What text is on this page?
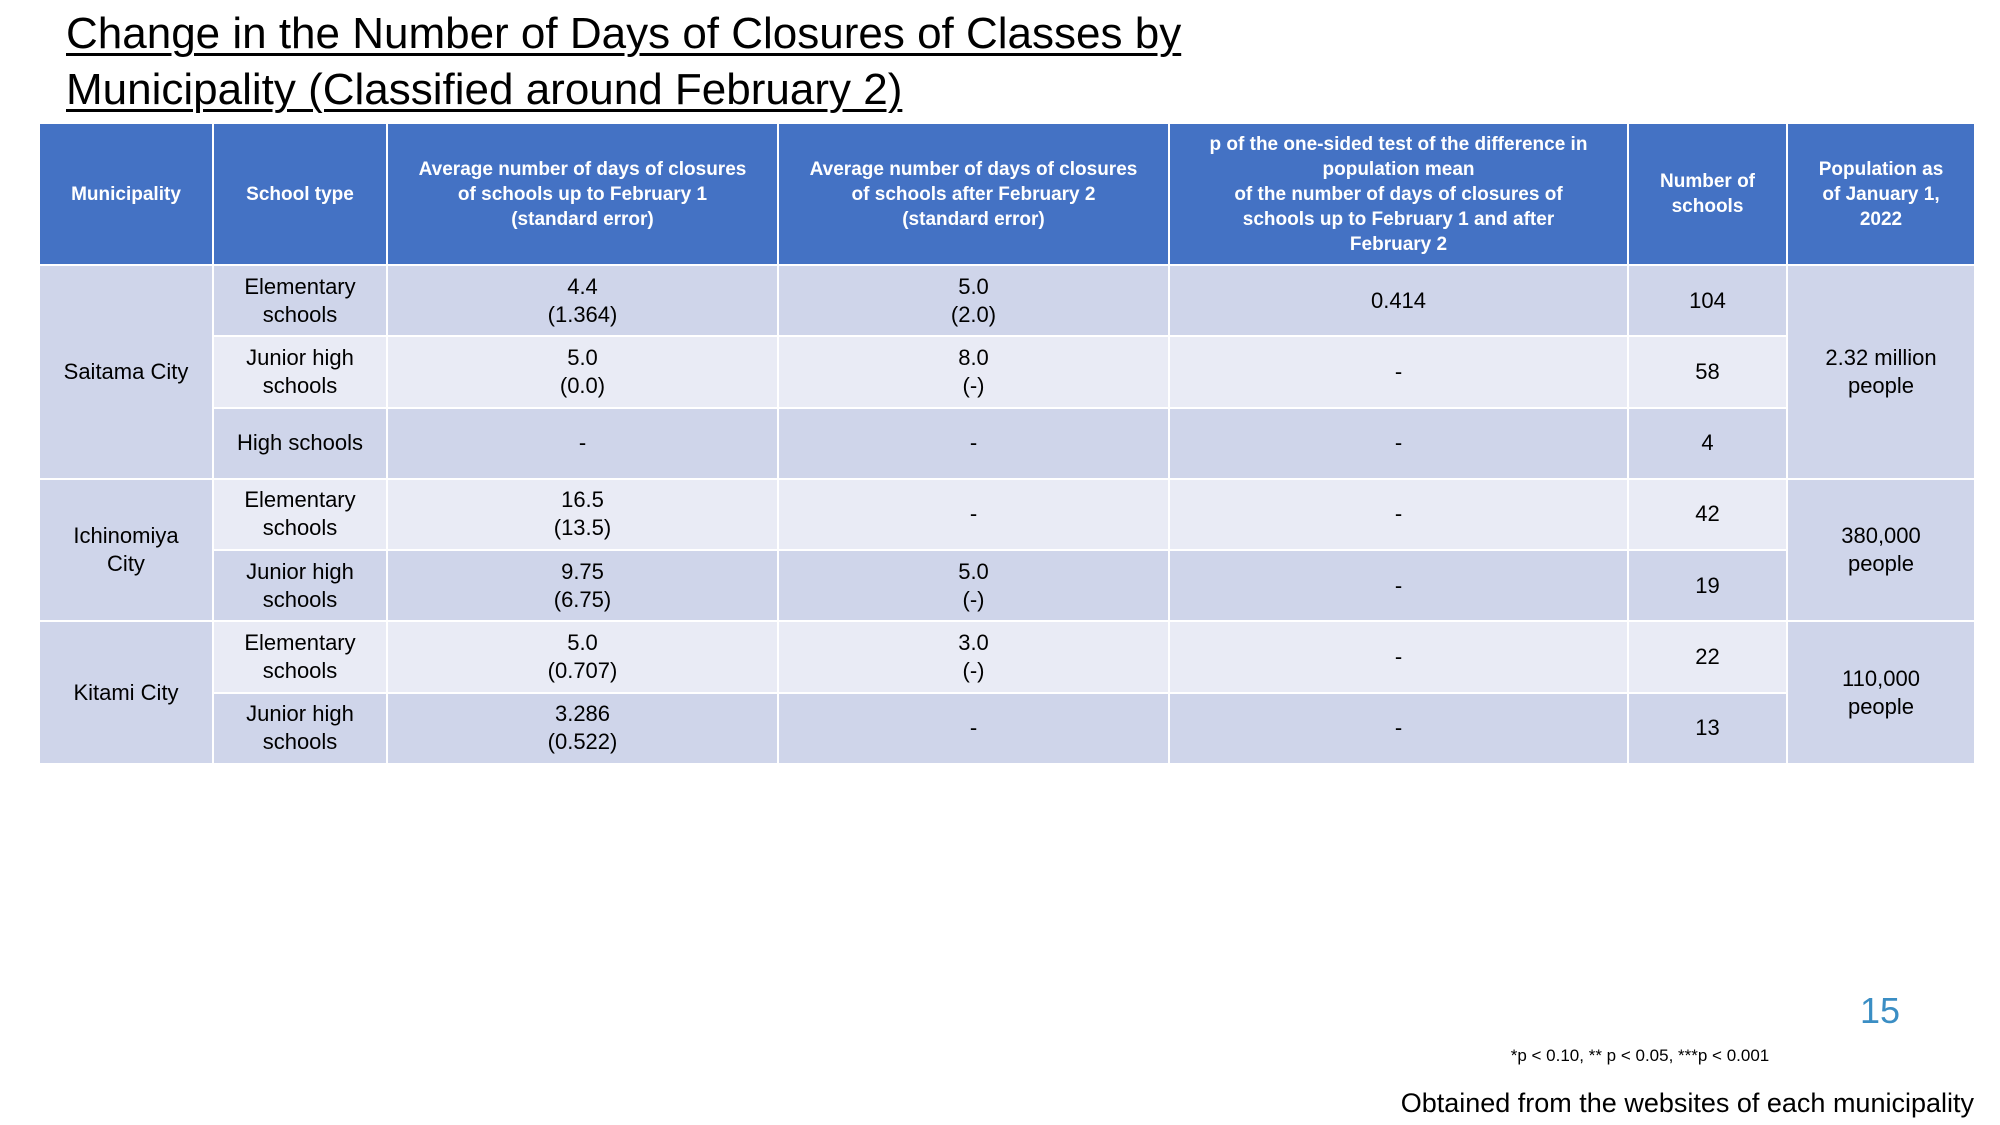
Change in the Number of Days of Closures of Classes by
Municipality (Classified around February 2)
Municipality	School type	Average number of days of closures
of schools up to February 1
(standard error)	Average number of days of closures
of schools after February 2
(standard error)	p of the one-sided test of the difference in
population mean
of the number of days of closures of
schools up to February 1 and after
February 2	Number of
schools	Population as
of January 1,
2022

Saitama City	Elementary
schools	4.4
(1.364)	5.0
(2.0)	0.414	104	2.32 million
people

	Junior high
schools	5.0
(0.0)	8.0
(-)	-	58	

	High schools	-	-	-	4	

Ichinomiya
City	Elementary
schools	16.5
(13.5)	-	-	42	380,000
people

	Junior high
schools	9.75
(6.75)	5.0
(-)	-	19	

Kitami City	Elementary
schools	5.0
(0.707)	3.0
(-)	-	22	110,000
people

	Junior high
schools	3.286
(0.522)	-	-	13	
15
*p < 0.10, ** p < 0.05, ***p < 0.001
Obtained from the websites of each municipality
